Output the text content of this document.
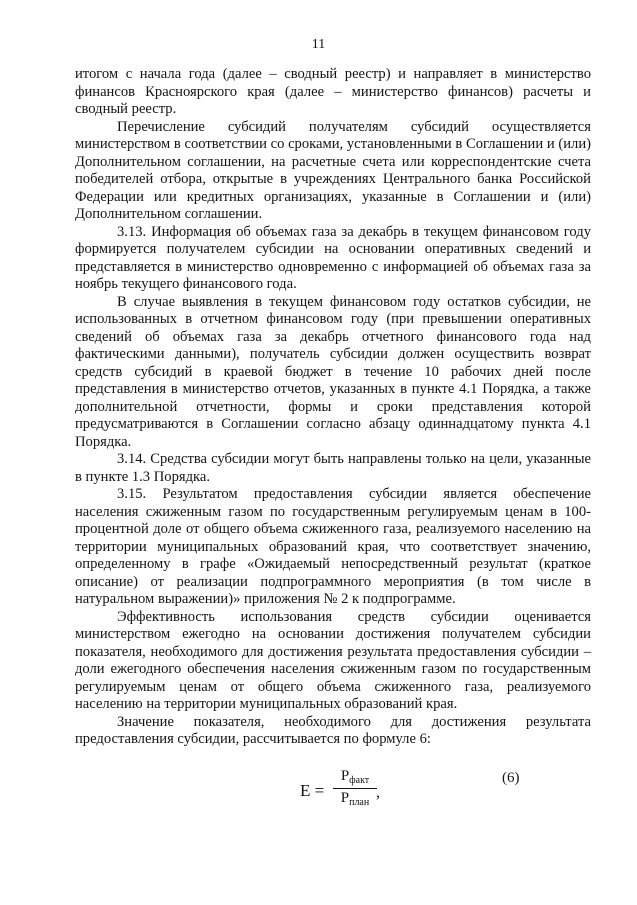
11

итогом с начала года (далее – сводный реестр) и направляет в министерство финансов Красноярского края (далее – министерство финансов) расчеты и сводный реестр.

Перечисление субсидий получателям субсидий осуществляется министерством в соответствии со сроками, установленными в Соглашении и (или) Дополнительном соглашении, на расчетные счета или корреспондентские счета победителей отбора, открытые в учреждениях Центрального банка Российской Федерации или кредитных организациях, указанные в Соглашении и (или) Дополнительном соглашении.

3.13. Информация об объемах газа за декабрь в текущем финансовом году формируется получателем субсидии на основании оперативных сведений и представляется в министерство одновременно с информацией об объемах газа за ноябрь текущего финансового года.

В случае выявления в текущем финансовом году остатков субсидии, не использованных в отчетном финансовом году (при превышении оперативных сведений об объемах газа за декабрь отчетного финансового года над фактическими данными), получатель субсидии должен осуществить возврат средств субсидий в краевой бюджет в течение 10 рабочих дней после представления в министерство отчетов, указанных в пункте 4.1 Порядка, а также дополнительной отчетности, формы и сроки представления которой предусматриваются в Соглашении согласно абзацу одиннадцатому пункта 4.1 Порядка.

3.14. Средства субсидии могут быть направлены только на цели, указанные в пункте 1.3 Порядка.

3.15. Результатом предоставления субсидии является обеспечение населения сжиженным газом по государственным регулируемым ценам в 100-процентной доле от общего объема сжиженного газа, реализуемого населению на территории муниципальных образований края, что соответствует значению, определенному в графе «Ожидаемый непосредственный результат (краткое описание) от реализации подпрограммного мероприятия (в том числе в натуральном выражении)» приложения № 2 к подпрограмме.

Эффективность использования средств субсидии оценивается министерством ежегодно на основании достижения получателем субсидии показателя, необходимого для достижения результата предоставления субсидии – доли ежегодного обеспечения населения сжиженным газом по государственным регулируемым ценам от общего объема сжиженного газа, реализуемого населению на территории муниципальных образований края.

Значение показателя, необходимого для достижения результата предоставления субсидии, рассчитывается по формуле 6:

E =
$P_{факт}$
$P_{план}$
,
(6)
